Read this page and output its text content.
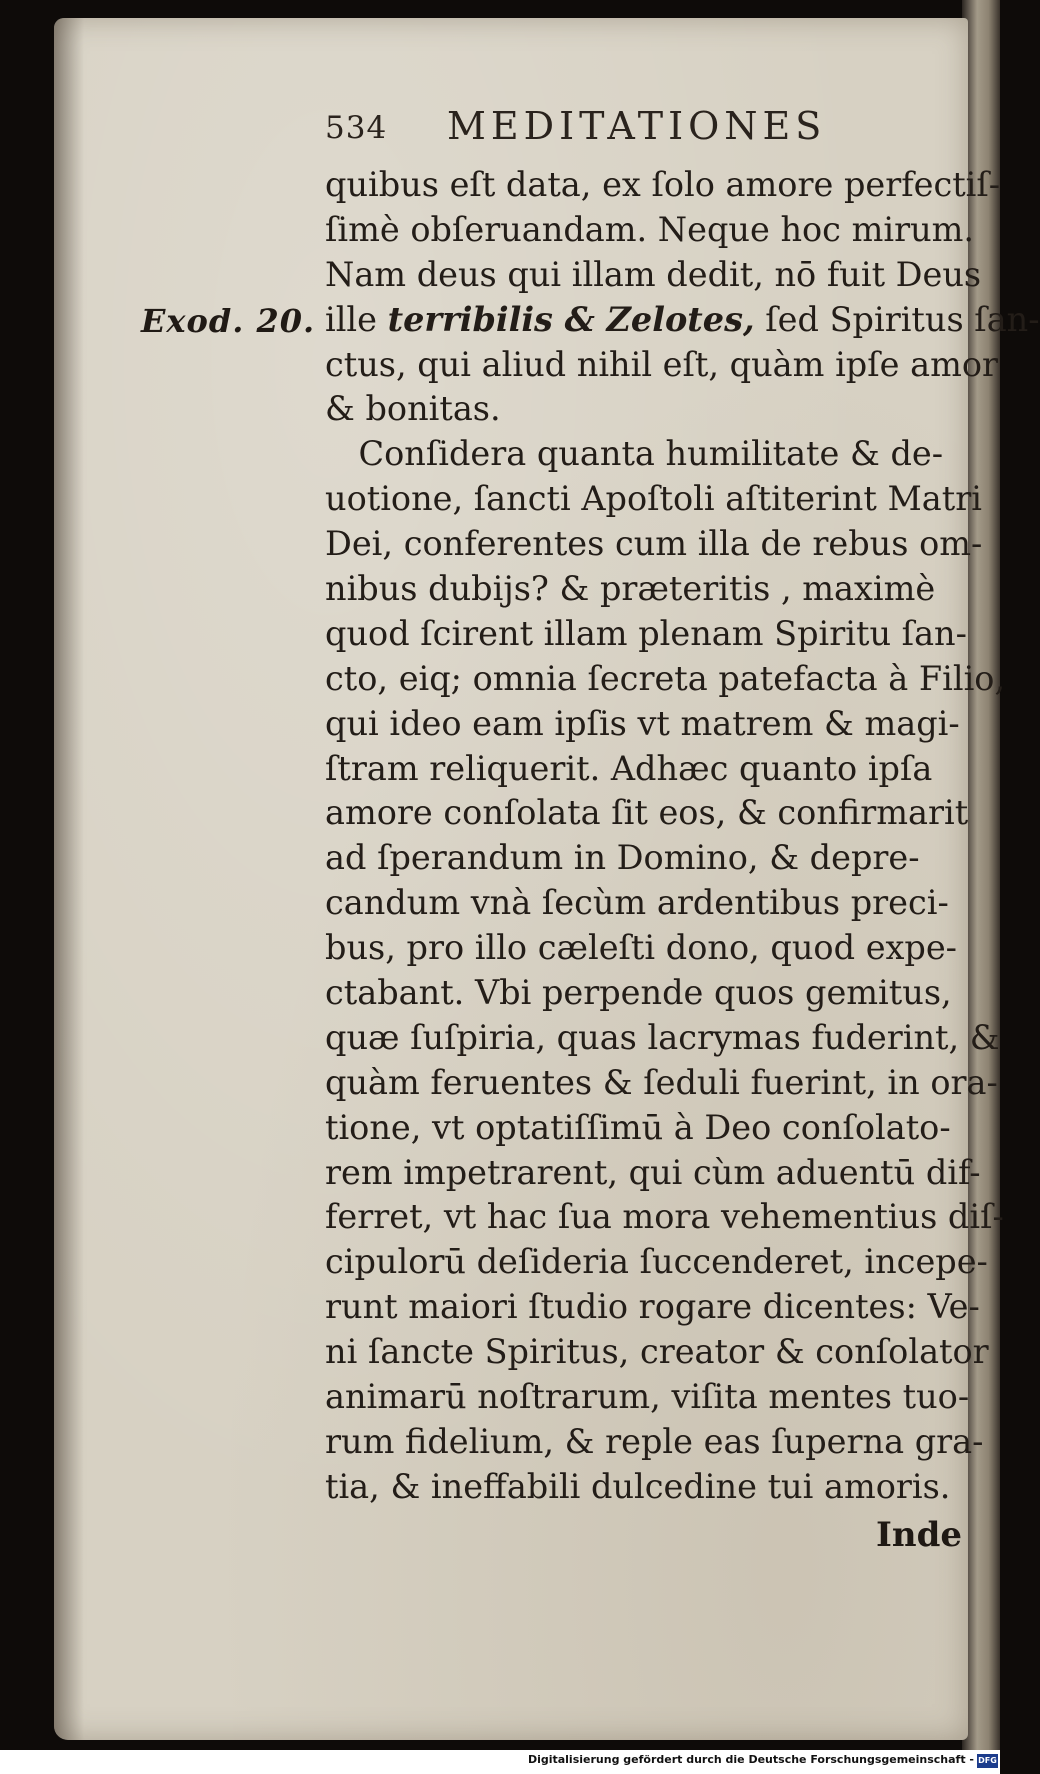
534 MEDITATIONES
Exod. 20.
quibus eſt data, ex ſolo amore perfectiſ-
ſimè obſeruandam. Neque hoc mirum.
Nam deus qui illam dedit, nō fuit Deus
ille terribilis & Zelotes, ſed Spiritus ſan-
ctus, qui aliud nihil eſt, quàm ipſe amor
& bonitas.
 Conſidera quanta humilitate & de-
uotione, ſancti Apoſtoli aſtiterint Matri
Dei, conferentes cum illa de rebus om-
nibus dubijs? & præteritis , maximè
quod ſcirent illam plenam Spiritu ſan-
cto, eiq; omnia ſecreta patefacta à Filio,
qui ideo eam ipſis vt matrem & magi-
ſtram reliquerit. Adhæc quanto ipſa
amore conſolata ſit eos, & confirmarit
ad ſperandum in Domino, & depre-
candum vnà ſecùm ardentibus preci-
bus, pro illo cæleſti dono, quod expe-
ctabant. Vbi perpende quos gemitus,
quæ ſuſpiria, quas lacrymas fuderint, &
quàm feruentes & ſeduli fuerint, in ora-
tione, vt optatiſſimū à Deo conſolato-
rem impetrarent, qui cùm aduentū dif-
ferret, vt hac ſua mora vehementius diſ-
cipulorū deſideria ſuccenderet, incepe-
runt maiori ſtudio rogare dicentes: Ve-
ni ſancte Spiritus, creator & conſolator
animarū noſtrarum, viſita mentes tuo-
rum fidelium, & reple eas ſuperna gra-
tia, & ineffabili dulcedine tui amoris.
Inde
Digitalisierung gefördert durch die Deutsche Forschungsgemeinschaft - DFG
